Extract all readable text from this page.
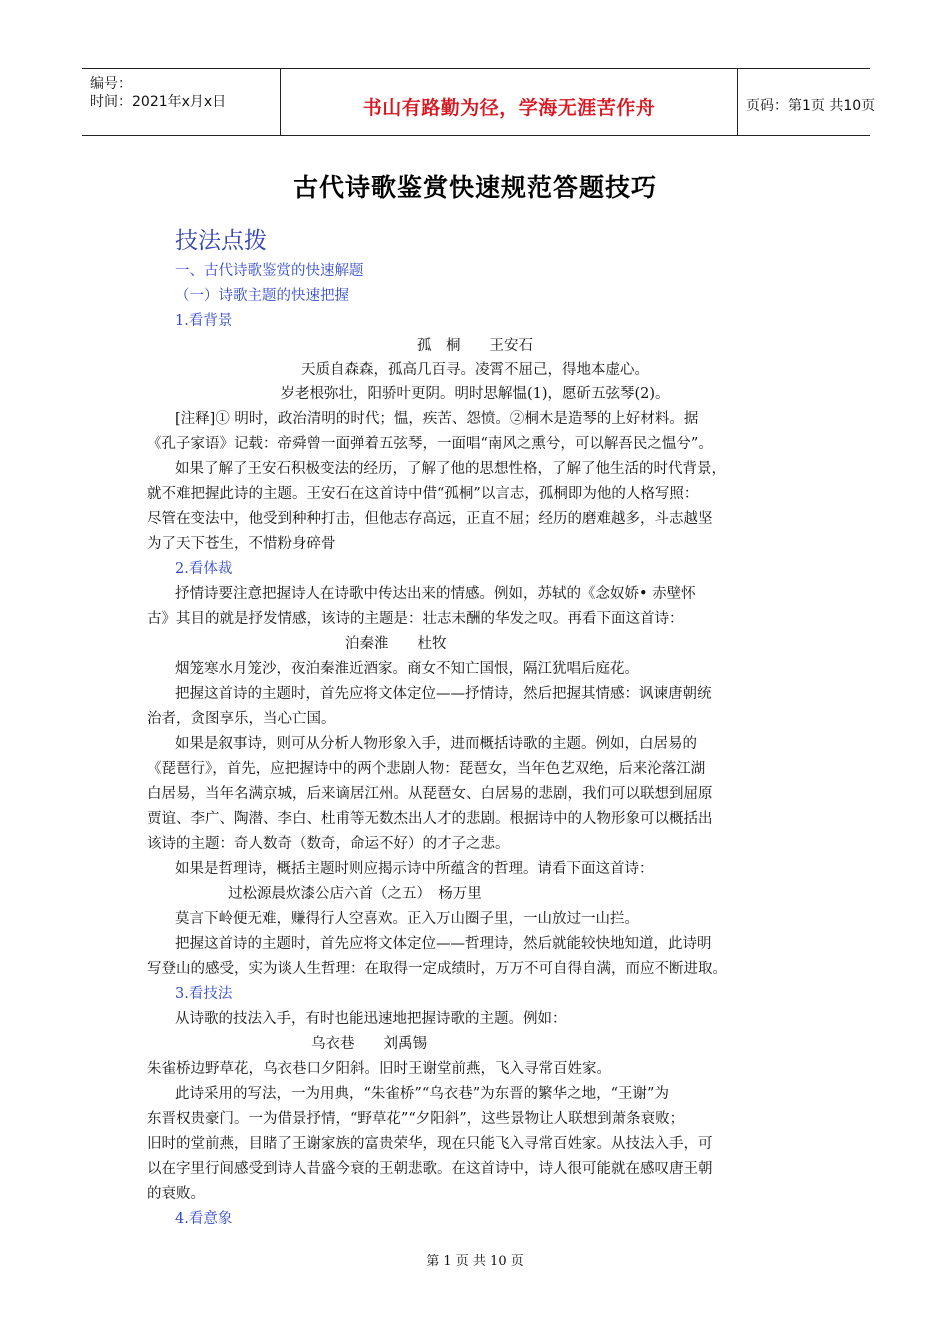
编号：
时间：2021年x月x日	书山有路勤为径，学海无涯苦作舟	页码：第1页 共10页
古代诗歌鉴赏快速规范答题技巧
技法点拨
一、古代诗歌鉴赏的快速解题
（一）诗歌主题的快速把握
1.看背景
孤　桐　　王安石
天质自森森，孤高几百寻。凌霄不屈己，得地本虚心。
岁老根弥壮，阳骄叶更阴。明时思解愠(1)，愿斫五弦琴(2)。
[注释]① 明时，政治清明的时代；愠，疾苦、怨愤。②桐木是造琴的上好材料。据
《孔子家语》记载：帝舜曾一面弹着五弦琴，一面唱“南风之熏兮，可以解吾民之愠兮”。
如果了解了王安石积极变法的经历，了解了他的思想性格，了解了他生活的时代背景，
就不难把握此诗的主题。王安石在这首诗中借“孤桐”以言志，孤桐即为他的人格写照：
尽管在变法中，他受到种种打击，但他志存高远，正直不屈；经历的磨难越多，斗志越坚
为了天下苍生，不惜粉身碎骨
2.看体裁
抒情诗要注意把握诗人在诗歌中传达出来的情感。例如，苏轼的《念奴娇• 赤壁怀
古》其目的就是抒发情感，该诗的主题是：壮志未酬的华发之叹。再看下面这首诗：
泊秦淮　　杜牧
烟笼寒水月笼沙，夜泊秦淮近酒家。商女不知亡国恨，隔江犹唱后庭花。
把握这首诗的主题时，首先应将文体定位——抒情诗，然后把握其情感：讽谏唐朝统
治者，贪图享乐，当心亡国。
如果是叙事诗，则可从分析人物形象入手，进而概括诗歌的主题。例如，白居易的
《琵琶行》，首先，应把握诗中的两个悲剧人物：琵琶女，当年色艺双绝，后来沦落江湖
白居易，当年名满京城，后来谪居江州。从琵琶女、白居易的悲剧，我们可以联想到屈原
贾谊、李广、陶潜、李白、杜甫等无数杰出人才的悲剧。根据诗中的人物形象可以概括出
该诗的主题：奇人数奇（数奇，命运不好）的才子之悲。
如果是哲理诗，概括主题时则应揭示诗中所蕴含的哲理。请看下面这首诗：
过松源晨炊漆公店六首（之五）　杨万里
莫言下岭便无难，赚得行人空喜欢。正入万山圈子里，一山放过一山拦。
把握这首诗的主题时，首先应将文体定位——哲理诗，然后就能较快地知道，此诗明
写登山的感受，实为谈人生哲理：在取得一定成绩时，万万不可自得自满，而应不断进取。
3.看技法
从诗歌的技法入手，有时也能迅速地把握诗歌的主题。例如：
乌衣巷　　刘禹锡
朱雀桥边野草花，乌衣巷口夕阳斜。旧时王谢堂前燕，飞入寻常百姓家。
此诗采用的写法，一为用典，“朱雀桥”“乌衣巷”为东晋的繁华之地，“王谢”为
东晋权贵豪门。一为借景抒情，“野草花”“夕阳斜”，这些景物让人联想到萧条衰败；
旧时的堂前燕，目睹了王谢家族的富贵荣华，现在只能飞入寻常百姓家。从技法入手，可
以在字里行间感受到诗人昔盛今衰的王朝悲歌。在这首诗中，诗人很可能就在感叹唐王朝
的衰败。
4.看意象
第 1 页 共 10 页
